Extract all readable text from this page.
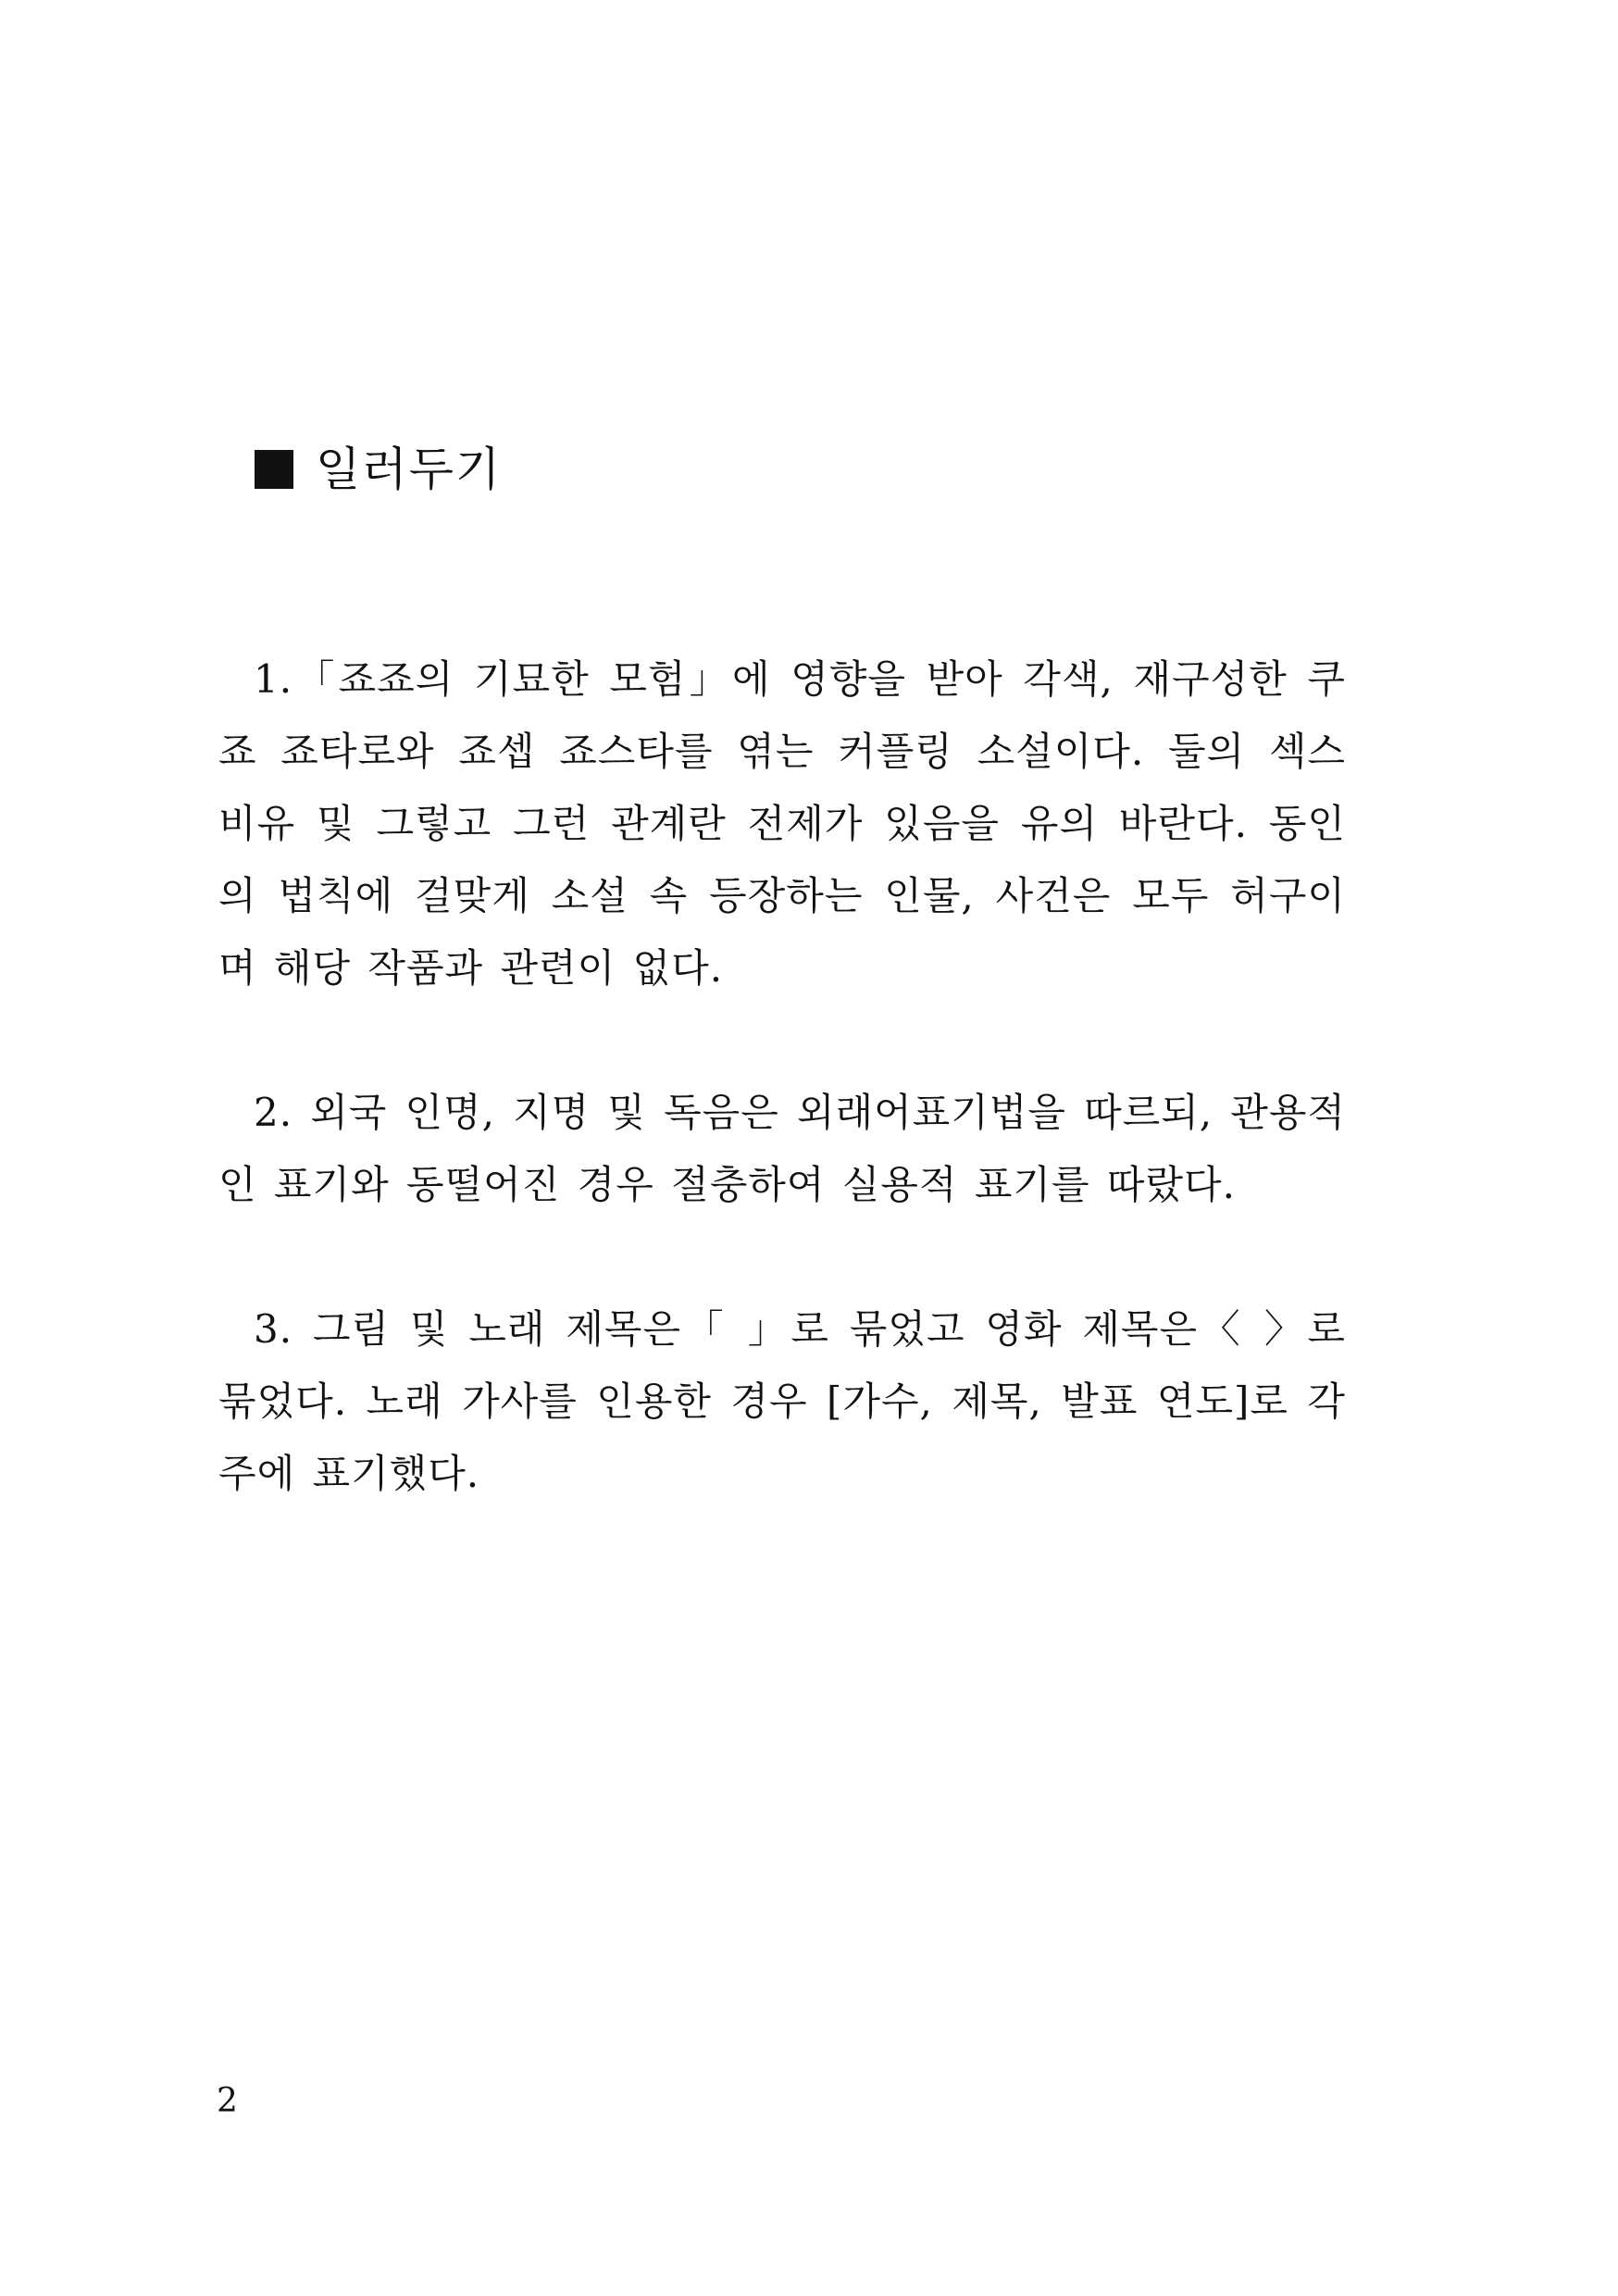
일러두기

1.「죠죠의 기묘한 모험」에 영향을 받아 각색, 재구성한 쿠죠 죠타로와 죠셉 죠스타를 엮는 커플링 소설이다. 둘의 섹스 비유 및 그렇고 그런 관계란 전제가 있음을 유의 바란다. 동인의 법칙에 걸맞게 소설 속 등장하는 인물, 사건은 모두 허구이며 해당 작품과 관련이 없다.

2. 외국 인명, 지명 및 독음은 외래어표기법을 따르되, 관용적인 표기와 동떨어진 경우 절충하여 실용적 표기를 따랐다.

3. 그림 및 노래 제목은「 」로 묶었고 영화 제목은〈 〉로 묶었다. 노래 가사를 인용한 경우 [가수, 제목, 발표 연도]로 각주에 표기했다.

2
